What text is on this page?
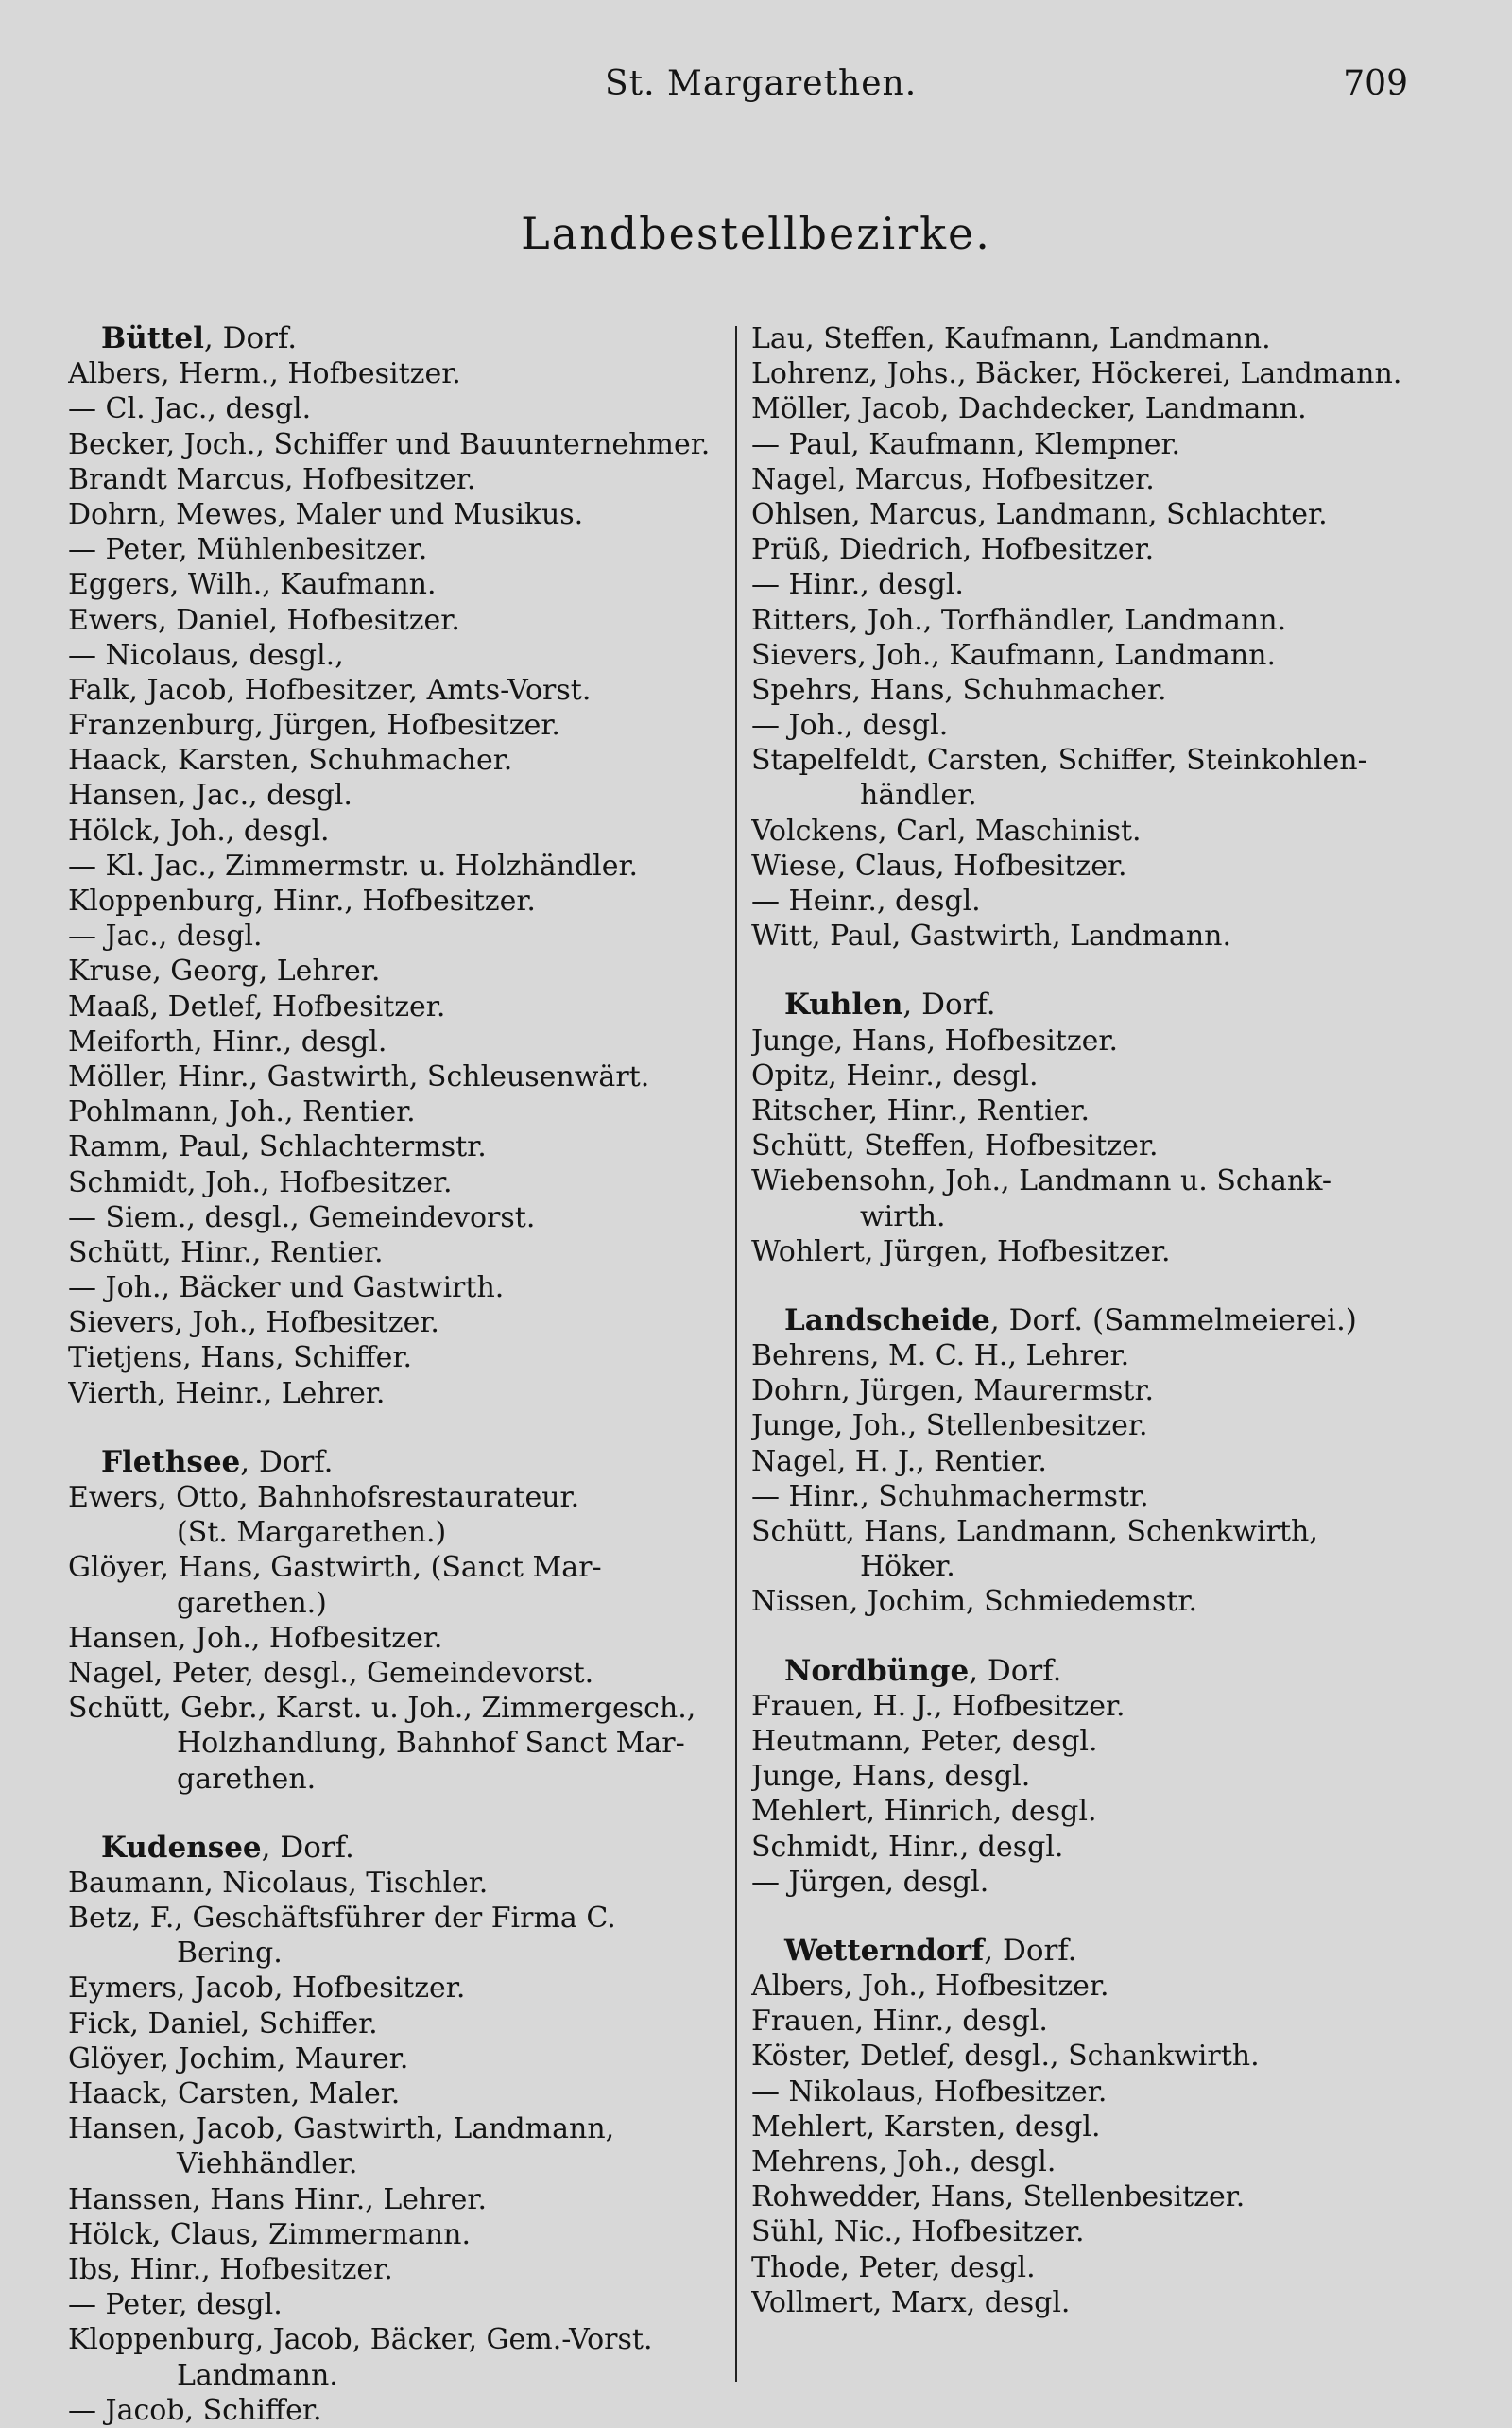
St. Margarethen.	709
Landbestellbezirke.
Büttel, Dorf.
Albers, Herm., Hofbesitzer.
— Cl. Jac., desgl.
Becker, Joch., Schiffer und Bauunternehmer.
Brandt Marcus, Hofbesitzer.
Dohrn, Mewes, Maler und Musikus.
— Peter, Mühlenbesitzer.
Eggers, Wilh., Kaufmann.
Ewers, Daniel, Hofbesitzer.
— Nicolaus, desgl.,
Falk, Jacob, Hofbesitzer, Amts-Vorst.
Franzenburg, Jürgen, Hofbesitzer.
Haack, Karsten, Schuhmacher.
Hansen, Jac., desgl.
Hölck, Joh., desgl.
— Kl. Jac., Zimmermstr. u. Holzhändler.
Kloppenburg, Hinr., Hofbesitzer.
— Jac., desgl.
Kruse, Georg, Lehrer.
Maaß, Detlef, Hofbesitzer.
Meiforth, Hinr., desgl.
Möller, Hinr., Gastwirth, Schleusenwärt.
Pohlmann, Joh., Rentier.
Ramm, Paul, Schlachtermstr.
Schmidt, Joh., Hofbesitzer.
— Siem., desgl., Gemeindevorst.
Schütt, Hinr., Rentier.
— Joh., Bäcker und Gastwirth.
Sievers, Joh., Hofbesitzer.
Tietjens, Hans, Schiffer.
Vierth, Heinr., Lehrer.
Flethsee, Dorf.
Ewers, Otto, Bahnhofsrestaurateur.
(St. Margarethen.)
Glöyer, Hans, Gastwirth, (Sanct Mar-
garethen.)
Hansen, Joh., Hofbesitzer.
Nagel, Peter, desgl., Gemeindevorst.
Schütt, Gebr., Karst. u. Joh., Zimmergesch.,
Holzhandlung, Bahnhof Sanct Mar-
garethen.
Kudensee, Dorf.
Baumann, Nicolaus, Tischler.
Betz, F., Geschäftsführer der Firma C.
Bering.
Eymers, Jacob, Hofbesitzer.
Fick, Daniel, Schiffer.
Glöyer, Jochim, Maurer.
Haack, Carsten, Maler.
Hansen, Jacob, Gastwirth, Landmann,
Viehhändler.
Hanssen, Hans Hinr., Lehrer.
Hölck, Claus, Zimmermann.
Ibs, Hinr., Hofbesitzer.
— Peter, desgl.
Kloppenburg, Jacob, Bäcker, Gem.-Vorst.
Landmann.
— Jacob, Schiffer.
Lau, Steffen, Kaufmann, Landmann.
Lohrenz, Johs., Bäcker, Höckerei, Landmann.
Möller, Jacob, Dachdecker, Landmann.
— Paul, Kaufmann, Klempner.
Nagel, Marcus, Hofbesitzer.
Ohlsen, Marcus, Landmann, Schlachter.
Prüß, Diedrich, Hofbesitzer.
— Hinr., desgl.
Ritters, Joh., Torfhändler, Landmann.
Sievers, Joh., Kaufmann, Landmann.
Spehrs, Hans, Schuhmacher.
— Joh., desgl.
Stapelfeldt, Carsten, Schiffer, Steinkohlen-
händler.
Volckens, Carl, Maschinist.
Wiese, Claus, Hofbesitzer.
— Heinr., desgl.
Witt, Paul, Gastwirth, Landmann.
Kuhlen, Dorf.
Junge, Hans, Hofbesitzer.
Opitz, Heinr., desgl.
Ritscher, Hinr., Rentier.
Schütt, Steffen, Hofbesitzer.
Wiebensohn, Joh., Landmann u. Schank-
wirth.
Wohlert, Jürgen, Hofbesitzer.
Landscheide, Dorf. (Sammelmeierei.)
Behrens, M. C. H., Lehrer.
Dohrn, Jürgen, Maurermstr.
Junge, Joh., Stellenbesitzer.
Nagel, H. J., Rentier.
— Hinr., Schuhmachermstr.
Schütt, Hans, Landmann, Schenkwirth,
Höker.
Nissen, Jochim, Schmiedemstr.
Nordbünge, Dorf.
Frauen, H. J., Hofbesitzer.
Heutmann, Peter, desgl.
Junge, Hans, desgl.
Mehlert, Hinrich, desgl.
Schmidt, Hinr., desgl.
— Jürgen, desgl.
Wetterndorf, Dorf.
Albers, Joh., Hofbesitzer.
Frauen, Hinr., desgl.
Köster, Detlef, desgl., Schankwirth.
— Nikolaus, Hofbesitzer.
Mehlert, Karsten, desgl.
Mehrens, Joh., desgl.
Rohwedder, Hans, Stellenbesitzer.
Sühl, Nic., Hofbesitzer.
Thode, Peter, desgl.
Vollmert, Marx, desgl.
